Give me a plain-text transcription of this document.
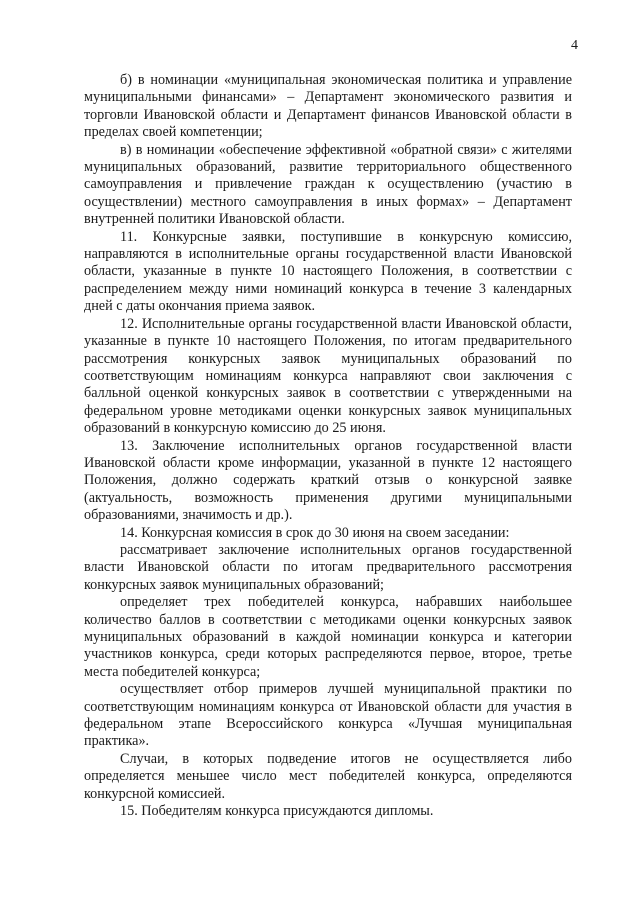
4

б) в номинации «муниципальная экономическая политика и управление муниципальными финансами» – Департамент экономического развития и торговли Ивановской области и Департамент финансов Ивановской области в пределах своей компетенции;

в) в номинации «обеспечение эффективной «обратной связи» с жителями муниципальных образований, развитие территориального общественного самоуправления и привлечение граждан к осуществлению (участию в осуществлении) местного самоуправления в иных формах» – Департамент внутренней политики Ивановской области.

11. Конкурсные заявки, поступившие в конкурсную комиссию, направляются в исполнительные органы государственной власти Ивановской области, указанные в пункте 10 настоящего Положения, в соответствии с распределением между ними номинаций конкурса в течение 3 календарных дней с даты окончания приема заявок.

12. Исполнительные органы государственной власти Ивановской области, указанные в пункте 10 настоящего Положения, по итогам предварительного рассмотрения конкурсных заявок муниципальных образований по соответствующим номинациям конкурса направляют свои заключения с балльной оценкой конкурсных заявок в соответствии с утвержденными на федеральном уровне методиками оценки конкурсных заявок муниципальных образований в конкурсную комиссию до 25 июня.

13. Заключение исполнительных органов государственной власти Ивановской области кроме информации, указанной в пункте 12 настоящего Положения, должно содержать краткий отзыв о конкурсной заявке (актуальность, возможность применения другими муниципальными образованиями, значимость и др.).

14. Конкурсная комиссия в срок до 30 июня на своем заседании:

рассматривает заключение исполнительных органов государственной власти Ивановской области по итогам предварительного рассмотрения конкурсных заявок муниципальных образований;

определяет трех победителей конкурса, набравших наибольшее количество баллов в соответствии с методиками оценки конкурсных заявок муниципальных образований в каждой номинации конкурса и категории участников конкурса, среди которых распределяются первое, второе, третье места победителей конкурса;

осуществляет отбор примеров лучшей муниципальной практики по соответствующим номинациям конкурса от Ивановской области для участия в федеральном этапе Всероссийского конкурса «Лучшая муниципальная практика».

Случаи, в которых подведение итогов не осуществляется либо определяется меньшее число мест победителей конкурса, определяются конкурсной комиссией.

15. Победителям конкурса присуждаются дипломы.
